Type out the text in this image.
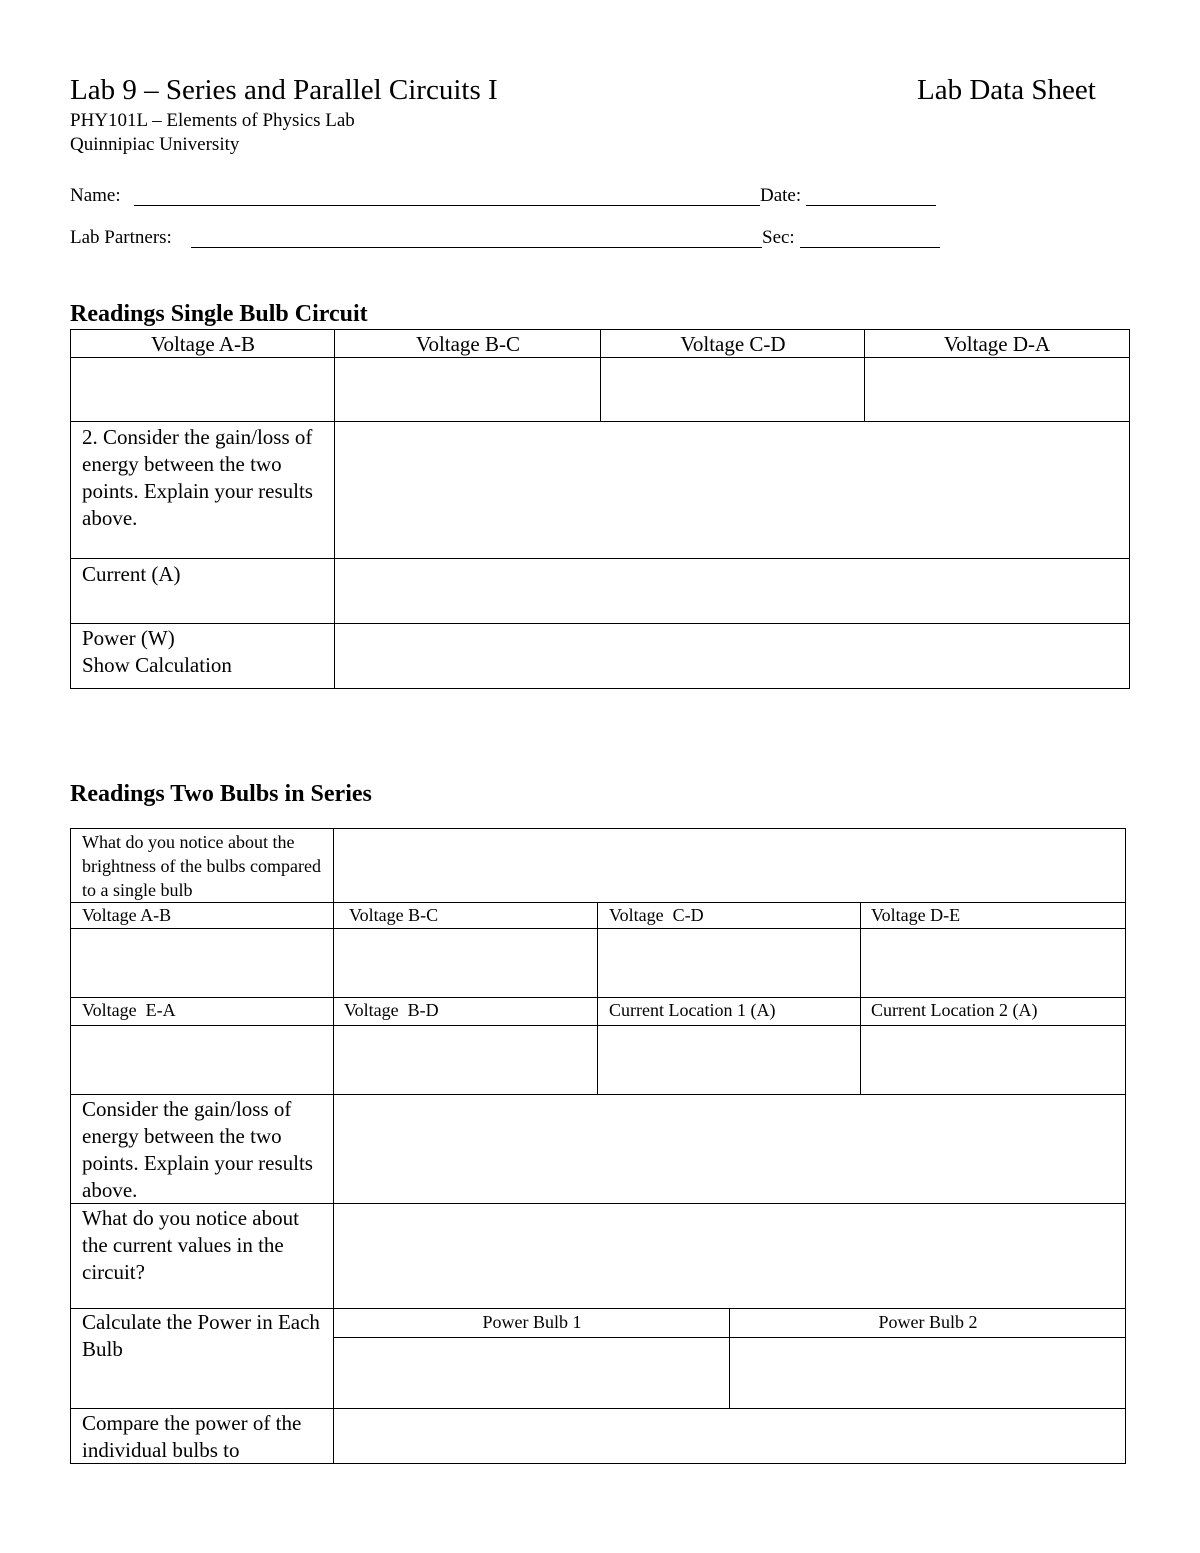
Lab 9 – Series and Parallel Circuits I	Lab Data Sheet
PHY101L – Elements of Physics Lab
Quinnipiac University
Name:	Date:
Lab Partners:	Sec:
Readings Single Bulb Circuit
Voltage A-B	Voltage B-C	Voltage C-D	Voltage D-A
2. Consider the gain/loss of energy between the two points. Explain your results above.
Current (A)
Power (W)
Show Calculation
Readings Two Bulbs in Series
What do you notice about the brightness of the bulbs compared to a single bulb
Voltage A-B	Voltage B-C	Voltage  C-D	Voltage D-E
Voltage  E-A	Voltage  B-D	Current Location 1 (A)	Current Location 2 (A)
Consider the gain/loss of energy between the two points. Explain your results above.
What do you notice about the current values in the circuit?
Calculate the Power in Each Bulb
Power Bulb 1	Power Bulb 2
Compare the power of the individual bulbs to
